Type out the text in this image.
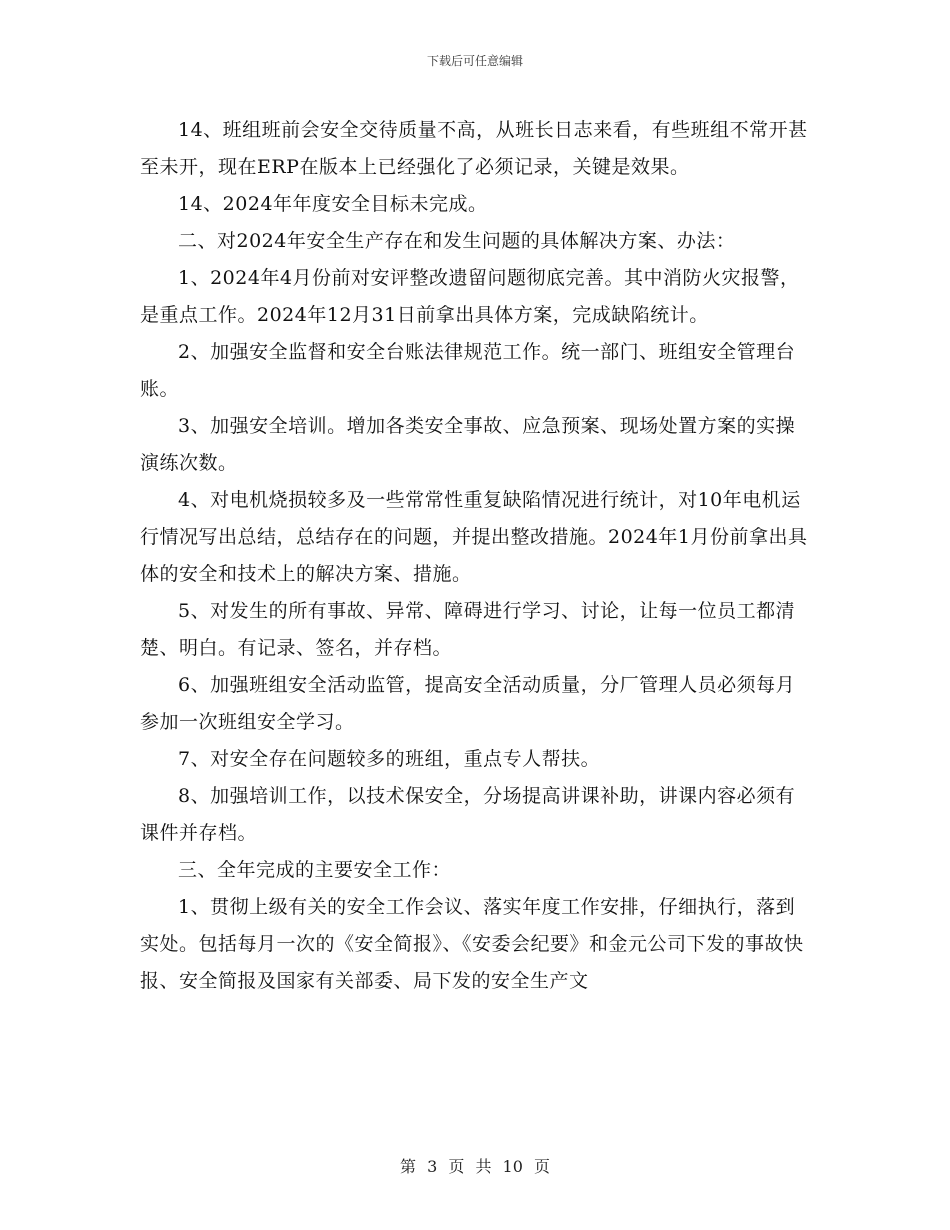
下载后可任意编辑

14、班组班前会安全交待质量不高，从班长日志来看，有些班组不常开甚至未开，现在ERP在版本上已经强化了必须记录，关键是效果。

14、2024年年度安全目标未完成。

二、对2024年安全生产存在和发生问题的具体解决方案、办法：

1、2024年4月份前对安评整改遗留问题彻底完善。其中消防火灾报警，是重点工作。2024年12月31日前拿出具体方案，完成缺陷统计。

2、加强安全监督和安全台账法律规范工作。统一部门、班组安全管理台账。

3、加强安全培训。增加各类安全事故、应急预案、现场处置方案的实操演练次数。

4、对电机烧损较多及一些常常性重复缺陷情况进行统计，对10年电机运行情况写出总结，总结存在的问题，并提出整改措施。2024年1月份前拿出具体的安全和技术上的解决方案、措施。

5、对发生的所有事故、异常、障碍进行学习、讨论，让每一位员工都清楚、明白。有记录、签名，并存档。

6、加强班组安全活动监管，提高安全活动质量，分厂管理人员必须每月参加一次班组安全学习。

7、对安全存在问题较多的班组，重点专人帮扶。

8、加强培训工作，以技术保安全，分场提高讲课补助，讲课内容必须有课件并存档。

三、全年完成的主要安全工作：

1、贯彻上级有关的安全工作会议、落实年度工作安排，仔细执行，落到实处。包括每月一次的《安全简报》、《安委会纪要》和金元公司下发的事故快报、安全简报及国家有关部委、局下发的安全生产文

第 3 页 共 10 页
